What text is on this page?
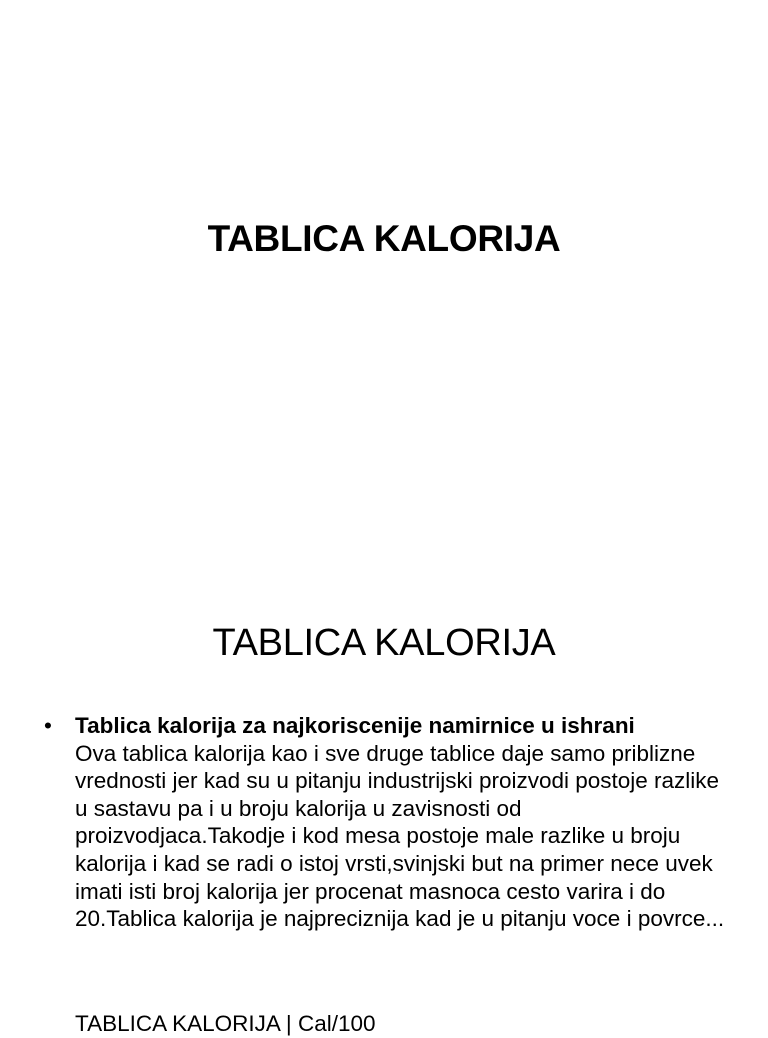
TABLICA KALORIJA
TABLICA KALORIJA
•	Tablica kalorija za najkoriscenije namirnice u ishrani
Ova tablica kalorija kao i sve druge tablice daje samo priblizne vrednosti jer kad su u pitanju industrijski proizvodi postoje razlike u sastavu pa i u broju kalorija u zavisnosti od proizvodjaca.Takodje i kod mesa postoje male razlike u broju kalorija i kad se radi o istoj vrsti,svinjski but na primer nece uvek imati isti broj kalorija jer procenat masnoca cesto varira i do 20.Tablica kalorija je najpreciznija kad je u pitanju voce i povrce...
TABLICA KALORIJA | Cal/100
